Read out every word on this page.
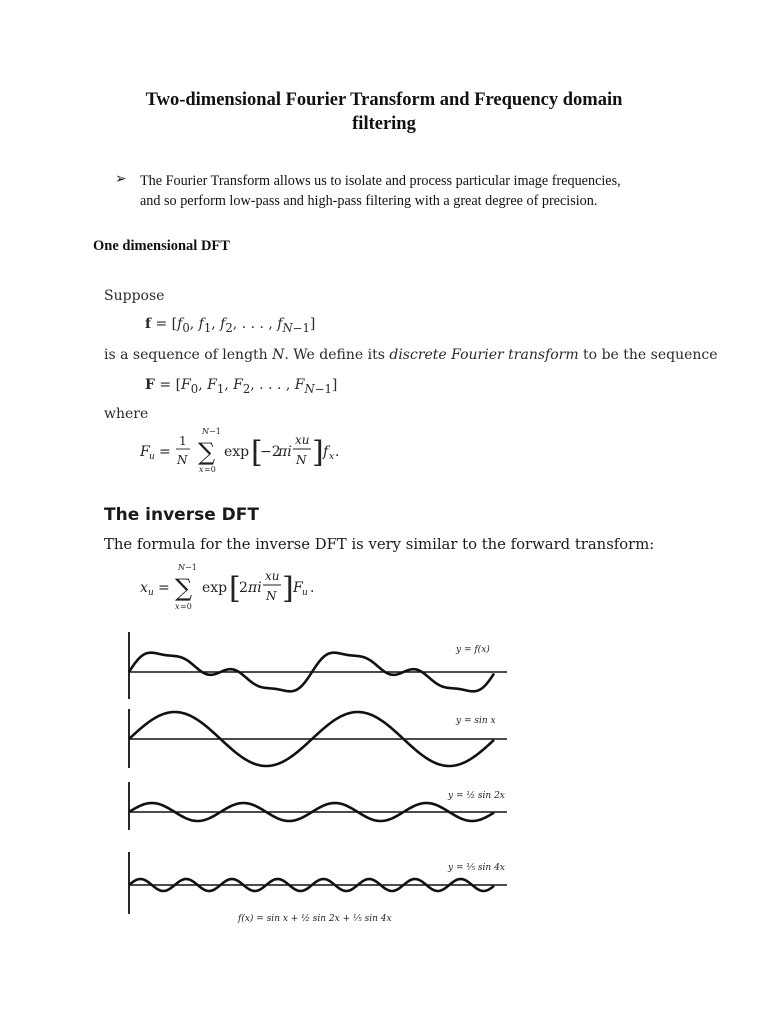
Two-dimensional Fourier Transform and Frequency domain
filtering
➢ The Fourier Transform allows us to isolate and process particular image frequencies,
and so perform low-pass and high-pass filtering with a great degree of precision.
One dimensional DFT
Suppose
$f = [f_0$, $f_1$, $f_2$, . . . , $f_{N-1}$]
is a sequence of length N. We define its discrete Fourier transform to be the sequence
$F = [F_0$, $F_1$, $F_2$, . . . , $F_{N-1}$]
where
F u =
1
N
N −1
∑
x =0
exp [
−2
πi
xu
N ] f x .
The inverse DFT
The formula for the inverse DFT is very similar to the forward transform:
x u =
N −1
∑
x =0
exp [
2 πi
xu
N ] F u .
y = f(x)
y = sin x
y = ½ sin 2x
y = ⅕ sin 4x
f(x) = sin x + ½ sin 2x + ⅕ sin 4x
